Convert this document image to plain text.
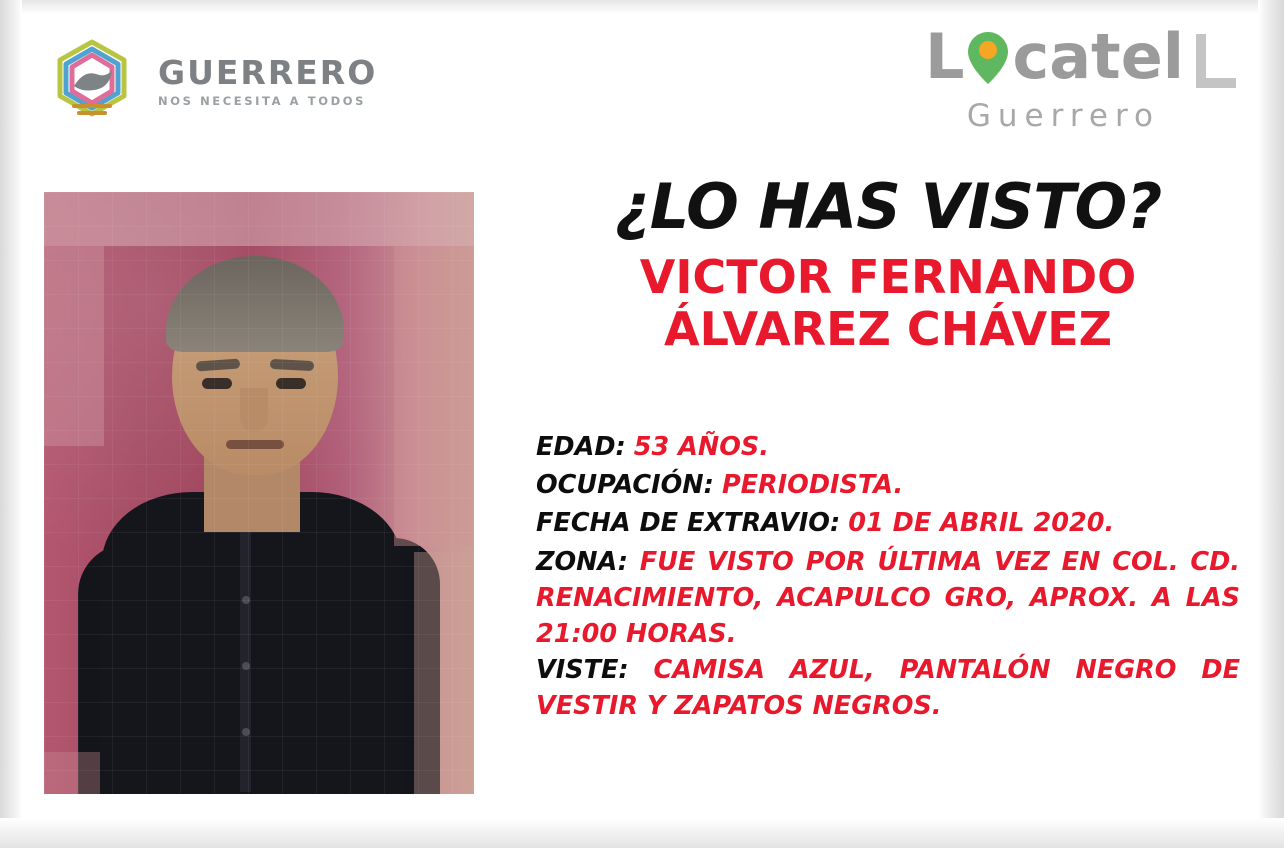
GUERRERO
NOS NECESITA A TODOS
L catel
Guerrero
¿LO HAS VISTO?
VICTOR FERNANDO
ÁLVAREZ CHÁVEZ
EDAD: 53 AÑOS.
OCUPACIÓN: PERIODISTA.
FECHA DE EXTRAVIO: 01 DE ABRIL 2020.
ZONA: FUE VISTO POR ÚLTIMA VEZ EN COL. CD. RENACIMIENTO, ACAPULCO GRO, APROX. A LAS 21:00 HORAS.
VISTE: CAMISA AZUL, PANTALÓN NEGRO DE VESTIR Y ZAPATOS NEGROS.
